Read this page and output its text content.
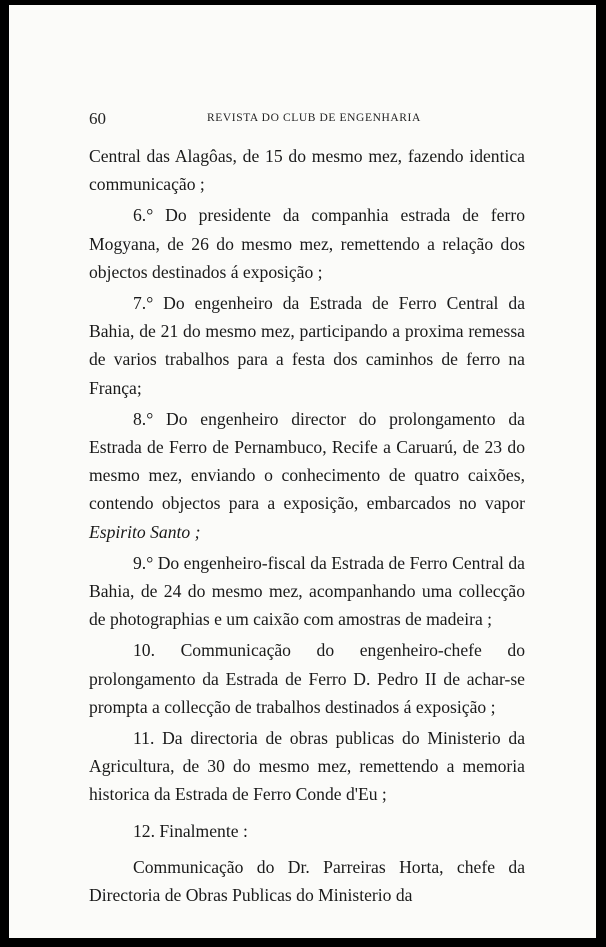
60	REVISTA DO CLUB DE ENGENHARIA

Central das Alagôas, de 15 do mesmo mez, fazendo identica communicação ;

6.° Do presidente da companhia estrada de ferro Mogyana, de 26 do mesmo mez, remettendo a relação dos objectos destinados á exposição ;

7.° Do engenheiro da Estrada de Ferro Central da Bahia, de 21 do mesmo mez, participando a proxima remessa de varios trabalhos para a festa dos caminhos de ferro na França;

8.° Do engenheiro director do prolongamento da Estrada de Ferro de Pernambuco, Recife a Caruarú, de 23 do mesmo mez, enviando o conhecimento de quatro caixões, contendo objectos para a exposição, embarcados no vapor Espirito Santo ;

9.° Do engenheiro-fiscal da Estrada de Ferro Central da Bahia, de 24 do mesmo mez, acompanhando uma collecção de photographias e um caixão com amostras de madeira ;

10. Communicação do engenheiro-chefe do prolongamento da Estrada de Ferro D. Pedro II de achar-se prompta a collecção de trabalhos destinados á exposição ;

11. Da directoria de obras publicas do Ministerio da Agricultura, de 30 do mesmo mez, remettendo a memoria historica da Estrada de Ferro Conde d'Eu ;

12. Finalmente :

Communicação do Dr. Parreiras Horta, chefe da Directoria de Obras Publicas do Ministerio da
